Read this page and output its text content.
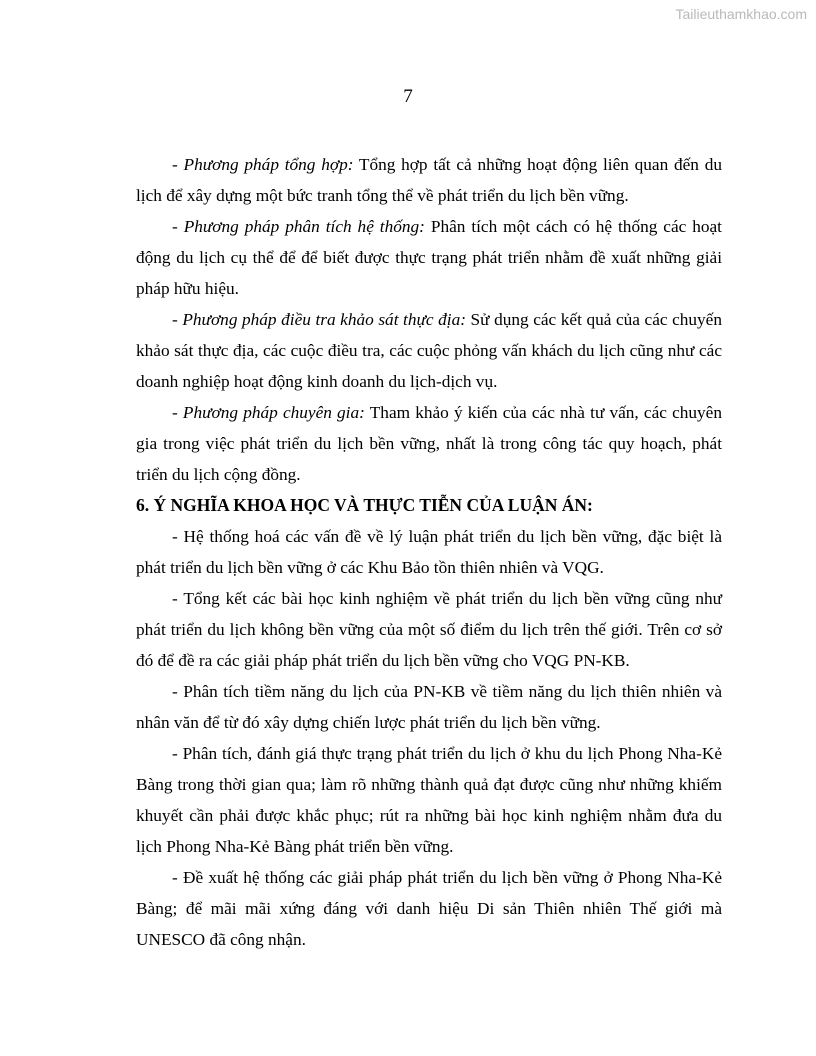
Tailieuthamkhao.com
7

- Phương pháp tổng hợp: Tổng hợp tất cả những hoạt động liên quan đến du lịch để xây dựng một bức tranh tổng thể về phát triển du lịch bền vững.

- Phương pháp phân tích hệ thống: Phân tích một cách có hệ thống các hoạt động du lịch cụ thể để để biết được thực trạng phát triển nhằm đề xuất những giải pháp hữu hiệu.

- Phương pháp điều tra khảo sát thực địa: Sử dụng các kết quả của các chuyến khảo sát thực địa, các cuộc điều tra, các cuộc phỏng vấn khách du lịch cũng như các doanh nghiệp hoạt động kinh doanh du lịch-dịch vụ.

- Phương pháp chuyên gia: Tham khảo ý kiến của các nhà tư vấn, các chuyên gia trong việc phát triển du lịch bền vững, nhất là trong công tác quy hoạch, phát triển du lịch cộng đồng.

6. Ý NGHĨA KHOA HỌC VÀ THỰC TIỄN CỦA LUẬN ÁN:

- Hệ thống hoá các vấn đề về lý luận phát triển du lịch bền vững, đặc biệt là phát triển du lịch bền vững ở các Khu Bảo tồn thiên nhiên và VQG.

- Tổng kết các bài học kinh nghiệm về phát triển du lịch bền vững cũng như phát triển du lịch không bền vững của một số điểm du lịch trên thế giới. Trên cơ sở đó để đề ra các giải pháp phát triển du lịch bền vững cho VQG PN-KB.

- Phân tích tiềm năng du lịch của PN-KB về tiềm năng du lịch thiên nhiên và nhân văn để từ đó xây dựng chiến lược phát triển du lịch bền vững.

- Phân tích, đánh giá thực trạng phát triển du lịch ở khu du lịch Phong Nha-Kẻ Bàng trong thời gian qua; làm rõ những thành quả đạt được cũng như những khiếm khuyết cần phải được khắc phục; rút ra những bài học kinh nghiệm nhằm đưa du lịch Phong Nha-Kẻ Bàng phát triển bền vững.

- Đề xuất hệ thống các giải pháp phát triển du lịch bền vững ở Phong Nha-Kẻ Bàng; để mãi mãi xứng đáng với danh hiệu Di sản Thiên nhiên Thế giới mà UNESCO đã công nhận.
